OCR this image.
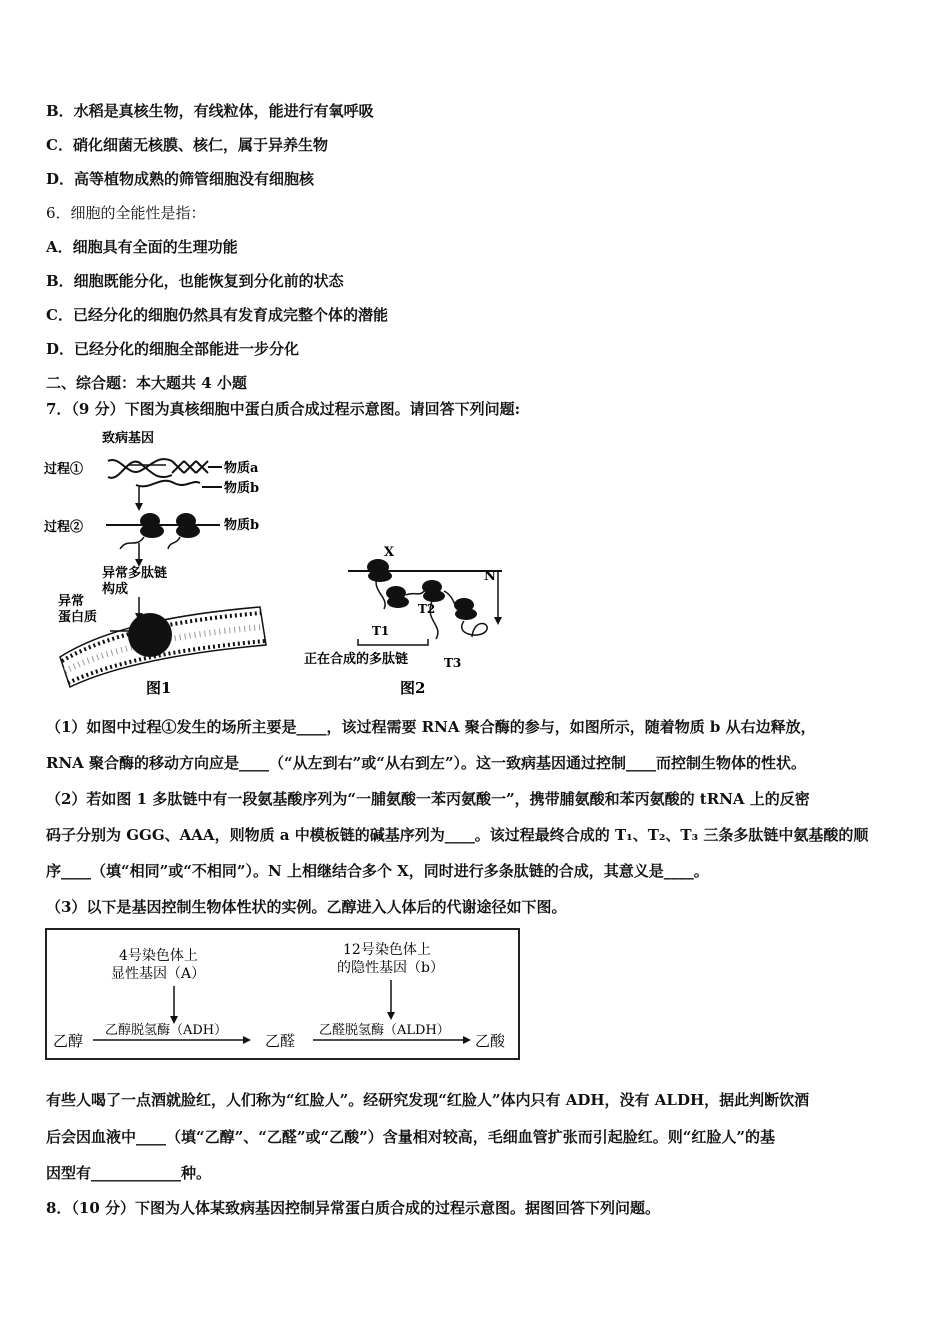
B．水稻是真核生物，有线粒体，能进行有氧呼吸
C．硝化细菌无核膜、核仁，属于异养生物
D．高等植物成熟的筛管细胞没有细胞核
6．细胞的全能性是指：
A．细胞具有全面的生理功能
B．细胞既能分化，也能恢复到分化前的状态
C．已经分化的细胞仍然具有发育成完整个体的潜能
D．已经分化的细胞全部能进一步分化
二、综合题：本大题共 4 小题
7．（9 分）下图为真核细胞中蛋白质合成过程示意图。请回答下列问题:
致病基因
过程①	物质a
物质b
过程②	物质b
异常多肽链
构成
异常
蛋白质
图1
X
N
T1
T2
T3
正在合成的多肽链
图2
（1）如图中过程①发生的场所主要是____，该过程需要 RNA 聚合酶的参与，如图所示，随着物质 b 从右边释放，
RNA 聚合酶的移动方向应是____（“从左到右”或“从右到左”）。这一致病基因通过控制____而控制生物体的性状。
（2）若如图 1 多肽链中有一段氨基酸序列为“一脯氨酸一苯丙氨酸一”，携带脯氨酸和苯丙氨酸的 tRNA 上的反密
码子分别为 GGG、AAA，则物质 a 中模板链的碱基序列为____。该过程最终合成的 T₁、T₂、T₃ 三条多肽链中氨基酸的顺
序____（填“相同”或“不相同”）。N 上相继结合多个 X，同时进行多条肽链的合成，其意义是____。
（3）以下是基因控制生物体性状的实例。乙醇进入人体后的代谢途径如下图。
4号染色体上
显性基因（A）
12号染色体上
的隐性基因（b）
乙醇
乙醇脱氢酶（ADH）
乙醛
乙醛脱氢酶（ALDH）
乙酸
有些人喝了一点酒就脸红，人们称为“红脸人”。经研究发现“红脸人”体内只有 ADH，没有 ALDH，据此判断饮酒
后会因血液中____（填“乙醇”、“乙醛”或“乙酸”）含量相对较高，毛细血管扩张而引起脸红。则“红脸人”的基
因型有____________种。
8．（10 分）下图为人体某致病基因控制异常蛋白质合成的过程示意图。据图回答下列问题。
